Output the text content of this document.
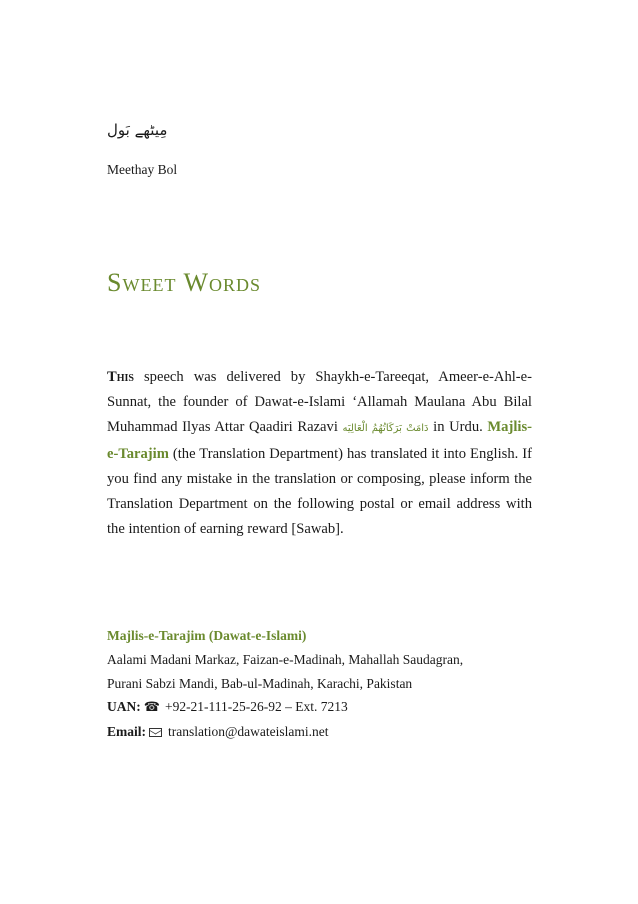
مِیٹھے بَول
Meethay Bol
Sweet Words

This speech was delivered by Shaykh-e-Tareeqat, Ameer-e-Ahl-e-Sunnat, the founder of Dawat-e-Islami ‘Allamah Maulana Abu Bilal Muhammad Ilyas Attar Qaadiri Razavi دَامَتْ بَرَكَاتُهُمُ الْعَالِيَه in Urdu. Majlis-e-Tarajim (the Translation Department) has translated it into English. If you find any mistake in the translation or composing, please inform the Translation Department on the following postal or email address with the intention of earning reward [Sawab].

Majlis-e-Tarajim (Dawat-e-Islami)
Aalami Madani Markaz, Faizan-e-Madinah, Mahallah Saudagran,
Purani Sabzi Mandi, Bab-ul-Madinah, Karachi, Pakistan
UAN: ☎ +92-21-111-25-26-92 – Ext. 7213
Email: translation@dawateislami.net
